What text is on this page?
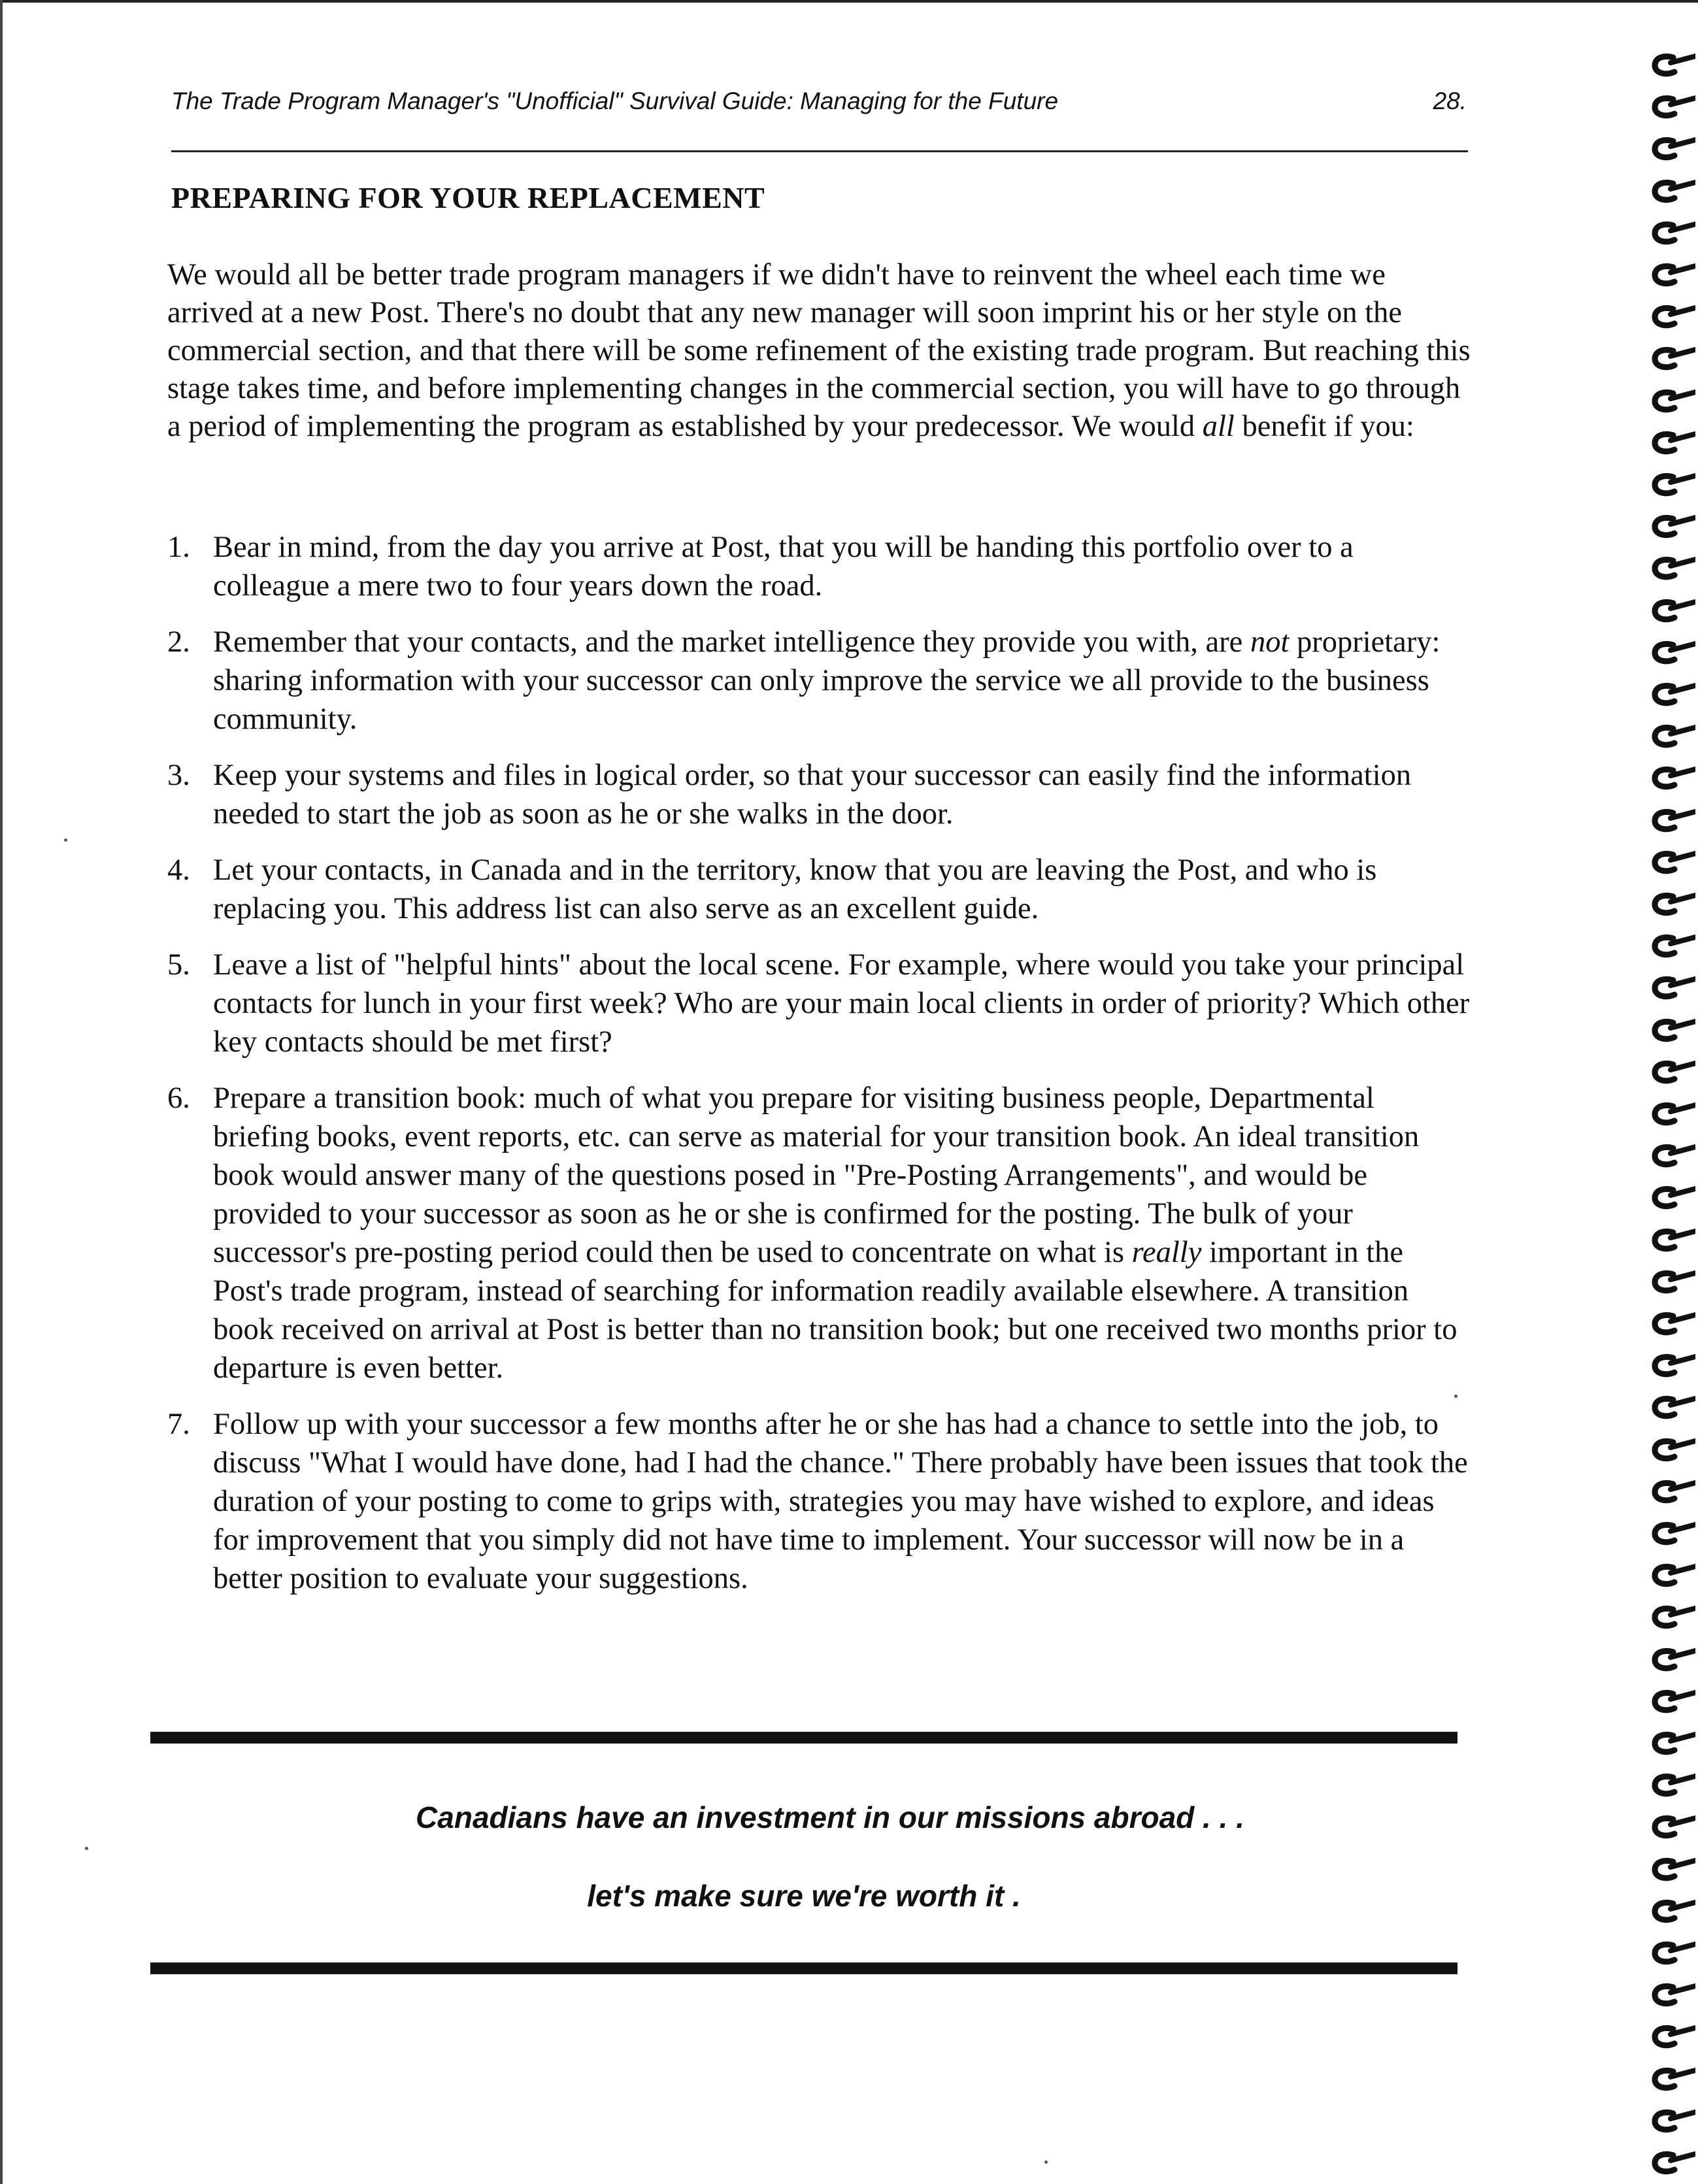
The Trade Program Manager's "Unofficial" Survival Guide: Managing for the Future	28.
PREPARING FOR YOUR REPLACEMENT

We would all be better trade program managers if we didn't have to reinvent the wheel each time we arrived at a new Post. There's no doubt that any new manager will soon imprint his or her style on the commercial section, and that there will be some refinement of the existing trade program. But reaching this stage takes time, and before implementing changes in the commercial section, you will have to go through a period of implementing the program as established by your predecessor. We would all benefit if you:

1. Bear in mind, from the day you arrive at Post, that you will be handing this portfolio over to a colleague a mere two to four years down the road.
2. Remember that your contacts, and the market intelligence they provide you with, are not proprietary: sharing information with your successor can only improve the service we all provide to the business community.
3. Keep your systems and files in logical order, so that your successor can easily find the information needed to start the job as soon as he or she walks in the door.
4. Let your contacts, in Canada and in the territory, know that you are leaving the Post, and who is replacing you. This address list can also serve as an excellent guide.
5. Leave a list of "helpful hints" about the local scene. For example, where would you take your principal contacts for lunch in your first week? Who are your main local clients in order of priority? Which other key contacts should be met first?
6. Prepare a transition book: much of what you prepare for visiting business people, Departmental briefing books, event reports, etc. can serve as material for your transition book. An ideal transition book would answer many of the questions posed in "Pre-Posting Arrangements", and would be provided to your successor as soon as he or she is confirmed for the posting. The bulk of your successor's pre-posting period could then be used to concentrate on what is really important in the Post's trade program, instead of searching for information readily available elsewhere. A transition book received on arrival at Post is better than no transition book; but one received two months prior to departure is even better.
7. Follow up with your successor a few months after he or she has had a chance to settle into the job, to discuss "What I would have done, had I had the chance." There probably have been issues that took the duration of your posting to come to grips with, strategies you may have wished to explore, and ideas for improvement that you simply did not have time to implement. Your successor will now be in a better position to evaluate your suggestions.
Canadians have an investment in our missions abroad . . .
let's make sure we're worth it .
